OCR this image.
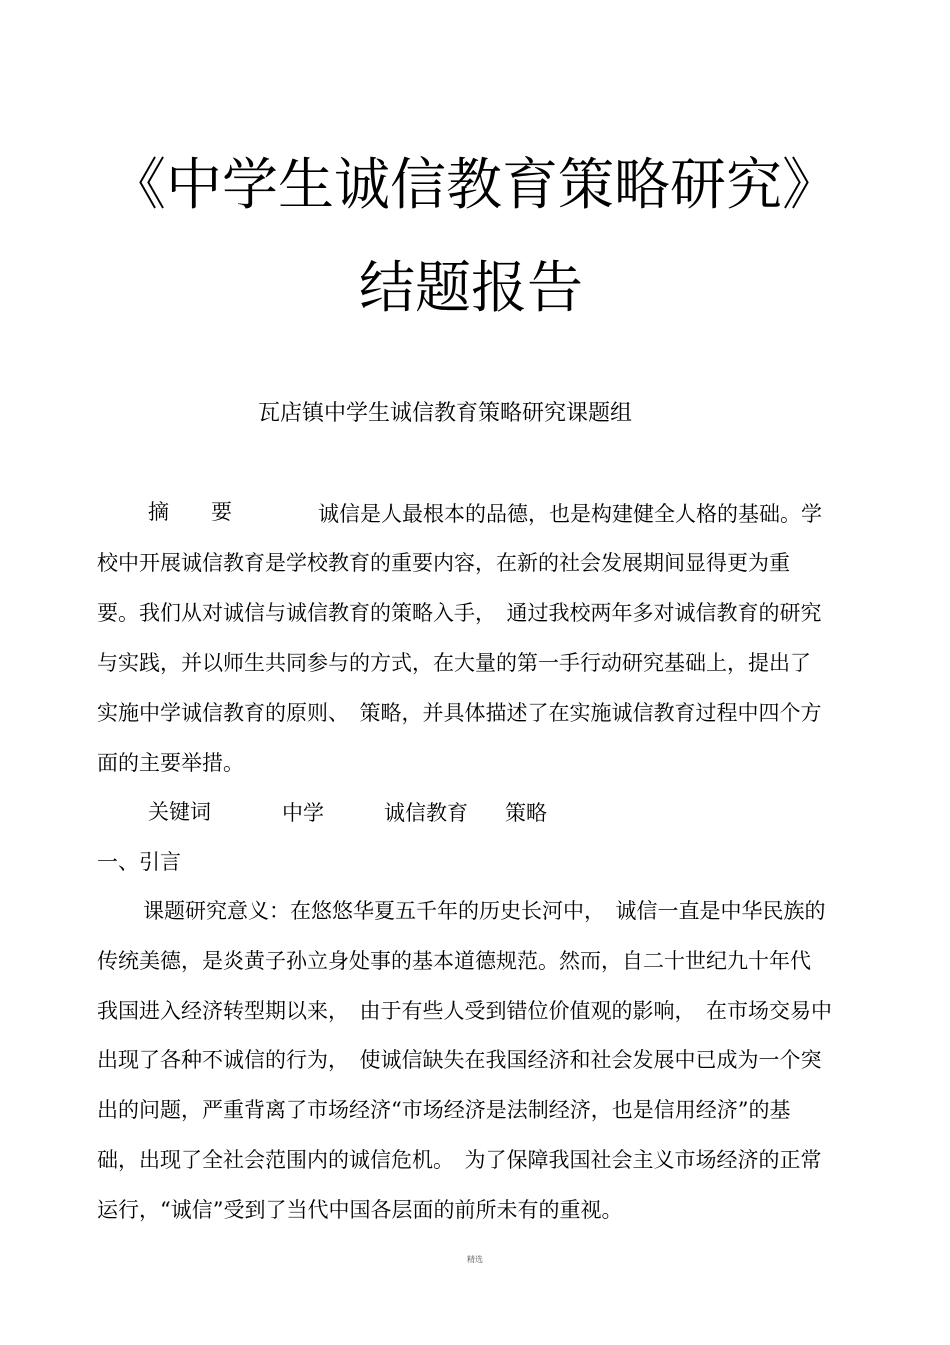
《中学生诚信教育策略研究》
结题报告
瓦店镇中学生诚信教育策略研究课题组
摘　　要	诚信是人最根本的品德，也是构建健全人格的基础。学
校中开展诚信教育是学校教育的重要内容，在新的社会发展期间显得更为重
要。我们从对诚信与诚信教育的策略入手，　通过我校两年多对诚信教育的研究
与实践，并以师生共同参与的方式，在大量的第一手行动研究基础上，提出了
实施中学诚信教育的原则、　策略，并具体描述了在实施诚信教育过程中四个方
面的主要举措。
关键词	中学	诚信教育 策略
一、引言
课题研究意义：在悠悠华夏五千年的历史长河中，　诚信一直是中华民族的
传统美德，是炎黄子孙立身处事的基本道德规范。然而，自二十世纪九十年代
我国进入经济转型期以来，　由于有些人受到错位价值观的影响，　在市场交易中
出现了各种不诚信的行为，　使诚信缺失在我国经济和社会发展中已成为一个突
出的问题，严重背离了市场经济“市场经济是法制经济，也是信用经济”的基
础，出现了全社会范围内的诚信危机。　为了保障我国社会主义市场经济的正常
运行，“诚信”受到了当代中国各层面的前所未有的重视。
精选
